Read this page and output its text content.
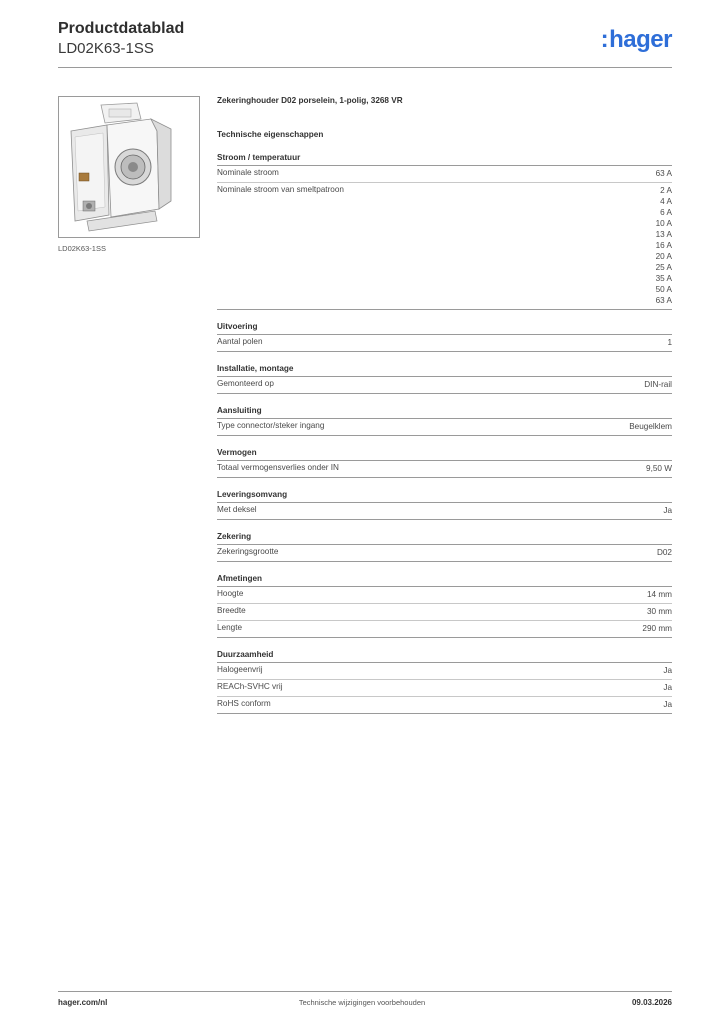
Productdatablad
LD02K63-1SS	:hager
LD02K63-1SS
Zekeringhouder D02 porselein, 1-polig, 3268 VR
Technische eigenschappen
Stroom / temperatuur
Nominale stroom	63 A
Nominale stroom van smeltpatroon	2 A
4 A
6 A
10 A
13 A
16 A
20 A
25 A
35 A
50 A
63 A
Uitvoering
Aantal polen	1
Installatie, montage
Gemonteerd op	DIN-rail
Aansluiting
Type connector/steker ingang	Beugelklem
Vermogen
Totaal vermogensverlies onder IN	9,50 W
Leveringsomvang
Met deksel	Ja
Zekering
Zekeringsgrootte	D02
Afmetingen
Hoogte	14 mm
Breedte	30 mm
Lengte	290 mm
Duurzaamheid
Halogeenvrij	Ja
REACh-SVHC vrij	Ja
RoHS conform	Ja
hager.com/nl	Technische wijzigingen voorbehouden	09.03.2026
